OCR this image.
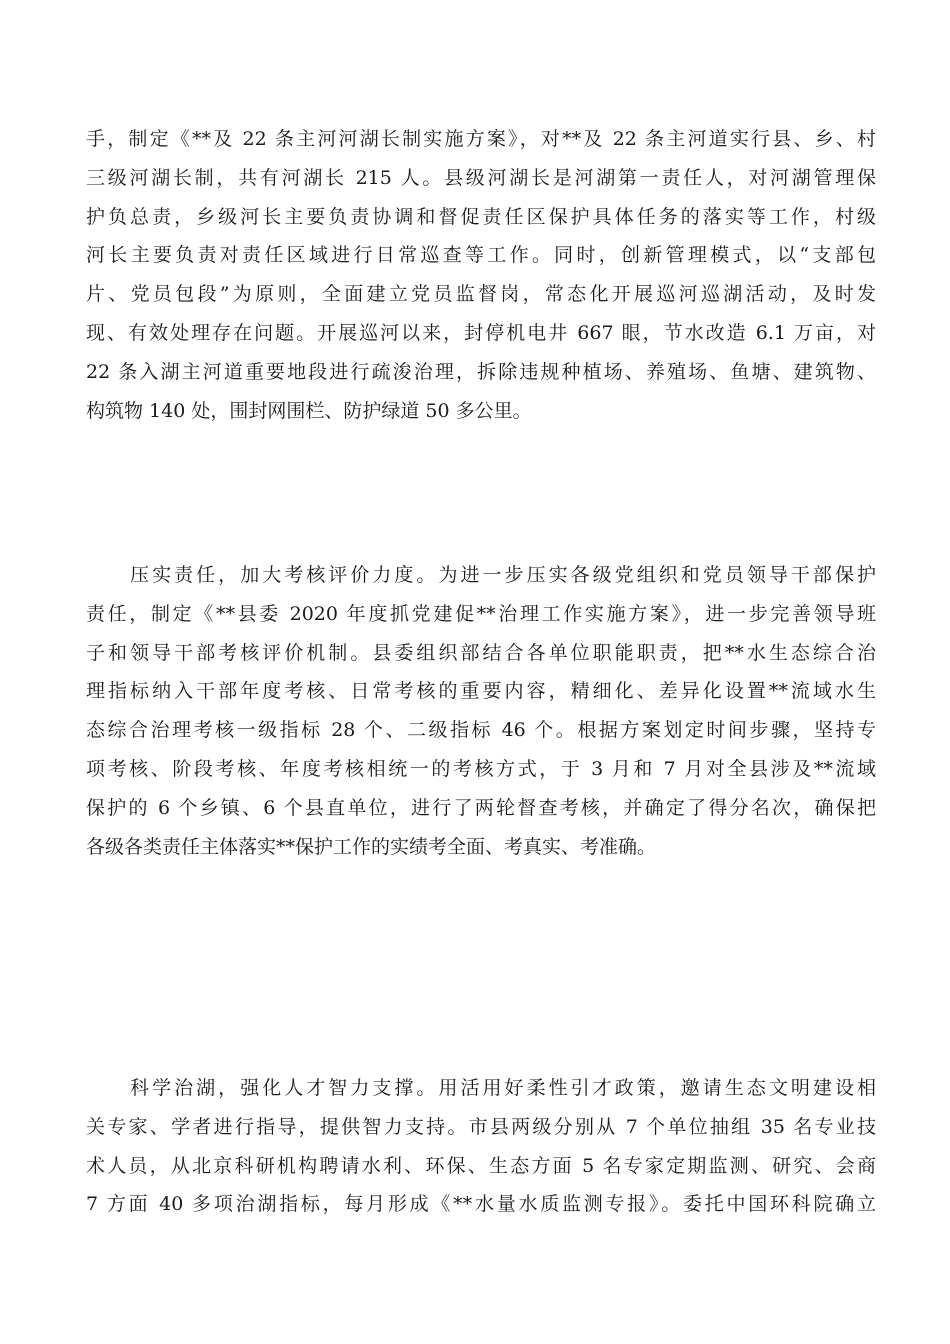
手，制定《**及 22 条主河河湖长制实施方案》，对**及 22 条主河道实行县、乡、村
三级河湖长制，共有河湖长 215 人。县级河湖长是河湖第一责任人，对河湖管理保
护负总责，乡级河长主要负责协调和督促责任区保护具体任务的落实等工作，村级
河长主要负责对责任区域进行日常巡查等工作。同时，创新管理模式，以“支部包
片、党员包段”为原则，全面建立党员监督岗，常态化开展巡河巡湖活动，及时发
现、有效处理存在问题。开展巡河以来，封停机电井 667 眼，节水改造 6.1 万亩，对
22 条入湖主河道重要地段进行疏浚治理，拆除违规种植场、养殖场、鱼塘、建筑物、
构筑物 140 处，围封网围栏、防护绿道 50 多公里。
　　压实责任，加大考核评价力度。为进一步压实各级党组织和党员领导干部保护
责任，制定《**县委 2020 年度抓党建促**治理工作实施方案》，进一步完善领导班
子和领导干部考核评价机制。县委组织部结合各单位职能职责，把**水生态综合治
理指标纳入干部年度考核、日常考核的重要内容，精细化、差异化设置**流域水生
态综合治理考核一级指标 28 个、二级指标 46 个。根据方案划定时间步骤，坚持专
项考核、阶段考核、年度考核相统一的考核方式，于 3 月和 7 月对全县涉及**流域
保护的 6 个乡镇、6 个县直单位，进行了两轮督查考核，并确定了得分名次，确保把
各级各类责任主体落实**保护工作的实绩考全面、考真实、考准确。
　　科学治湖，强化人才智力支撑。用活用好柔性引才政策，邀请生态文明建设相
关专家、学者进行指导，提供智力支持。市县两级分别从 7 个单位抽组 35 名专业技
术人员，从北京科研机构聘请水利、环保、生态方面 5 名专家定期监测、研究、会商
7 方面 40 多项治湖指标，每月形成《**水量水质监测专报》。委托中国环科院确立
